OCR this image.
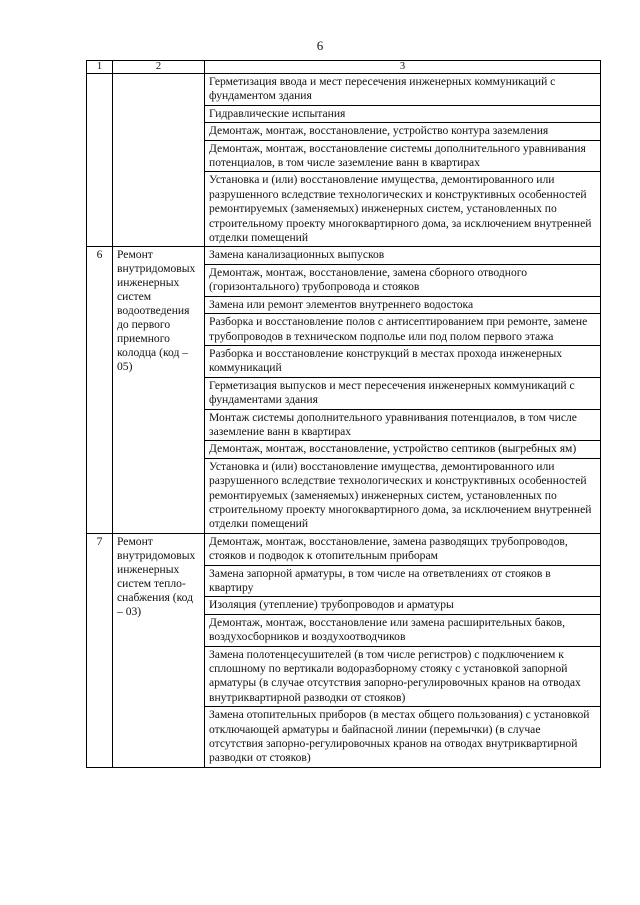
6
1	2	3
		Герметизация ввода и мест пересечения инженерных коммуникаций с фундаментом здания
		Гидравлические испытания
		Демонтаж, монтаж, восстановление, устройство контура заземления
		Демонтаж, монтаж, восстановление системы дополнительного уравнивания потенциалов, в том числе заземление ванн в квартирах
		Установка и (или) восстановление имущества, демонтированного или разрушенного вследствие технологических и конструктивных особенностей ремонтируемых (заменяемых) инженерных систем, установленных по строительному проекту многоквартирного дома, за исключением внутренней отделки помещений
6	Ремонт внутридомовых инженерных систем водоотведения до первого приемного колодца (код – 05)	Замена канализационных выпусков
		Демонтаж, монтаж, восстановление, замена сборного отводного (горизонтального) трубопровода и стояков
		Замена или ремонт элементов внутреннего водостока
		Разборка и восстановление полов с антисептированием при ремонте, замене трубопроводов в техническом подполье или под полом первого этажа
		Разборка и восстановление конструкций в местах прохода инженерных коммуникаций
		Герметизация выпусков и мест пересечения инженерных коммуникаций с фундаментами здания
		Монтаж системы дополнительного уравнивания потенциалов, в том числе заземление ванн в квартирах
		Демонтаж, монтаж, восстановление, устройство септиков (выгребных ям)
		Установка и (или) восстановление имущества, демонтированного или разрушенного вследствие технологических и конструктивных особенностей ремонтируемых (заменяемых) инженерных систем, установленных по строительному проекту многоквартирного дома, за исключением внутренней отделки помещений
7	Ремонт внутридомовых инженерных систем тепло-снабжения (код – 03)	Демонтаж, монтаж, восстановление, замена разводящих трубопроводов, стояков и подводок к отопительным приборам
		Замена запорной арматуры, в том числе на ответвлениях от стояков в квартиру
		Изоляция (утепление) трубопроводов и арматуры
		Демонтаж, монтаж, восстановление или замена расширительных баков, воздухосборников и воздухоотводчиков
		Замена полотенцесушителей (в том числе регистров) с подключением к сплошному по вертикали водоразборному стояку с установкой запорной арматуры (в случае отсутствия запорно-регулировочных кранов на отводах внутриквартирной разводки от стояков)
		Замена отопительных приборов (в местах общего пользования) с установкой отключающей арматуры и байпасной линии (перемычки) (в случае отсутствия запорно-регулировочных кранов на отводах внутриквартирной разводки от стояков)
